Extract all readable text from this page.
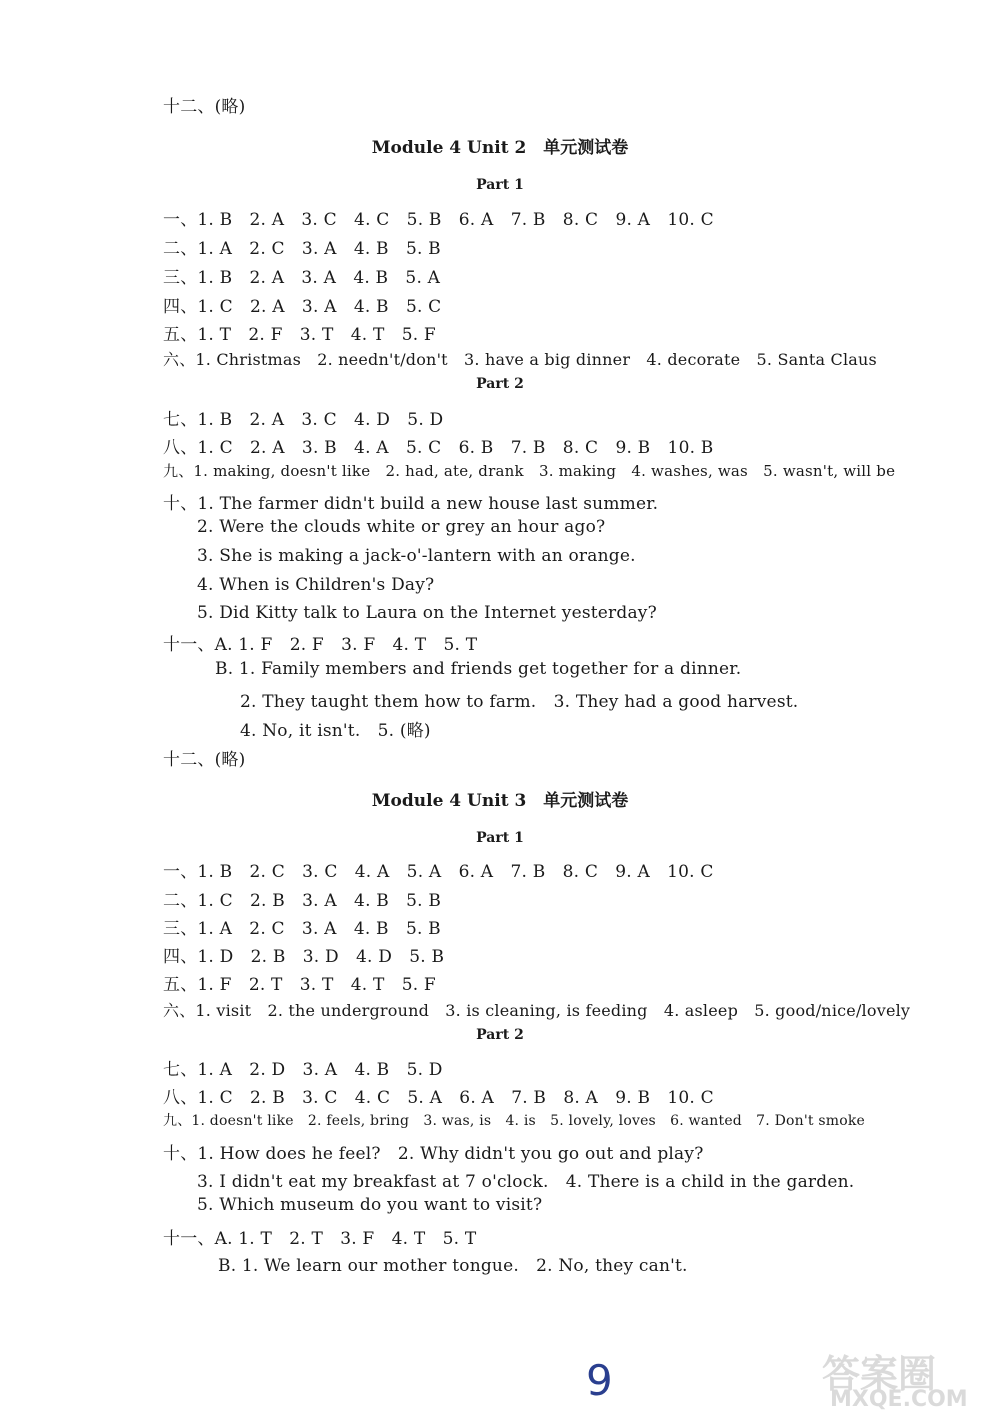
十二、(略)
Module 4 Unit 2　单元测试卷
Part 1
一、1. B　2. A　3. C　4. C　5. B　6. A　7. B　8. C　9. A　10. C
二、1. A　2. C　3. A　4. B　5. B
三、1. B　2. A　3. A　4. B　5. A
四、1. C　2. A　3. A　4. B　5. C
五、1. T　2. F　3. T　4. T　5. F
六、1. Christmas　2. needn't/don't　3. have a big dinner　4. decorate　5. Santa Claus
Part 2
七、1. B　2. A　3. C　4. D　5. D
八、1. C　2. A　3. B　4. A　5. C　6. B　7. B　8. C　9. B　10. B
九、1. making, doesn't like　2. had, ate, drank　3. making　4. washes, was　5. wasn't, will be
十、1. The farmer didn't build a new house last summer.
2. Were the clouds white or grey an hour ago?
3. She is making a jack-o'-lantern with an orange.
4. When is Children's Day?
5. Did Kitty talk to Laura on the Internet yesterday?
十一、A. 1. F　2. F　3. F　4. T　5. T
B. 1. Family members and friends get together for a dinner.
2. They taught them how to farm.　3. They had a good harvest.
4. No, it isn't.　5. (略)
十二、(略)
Module 4 Unit 3　单元测试卷
Part 1
一、1. B　2. C　3. C　4. A　5. A　6. A　7. B　8. C　9. A　10. C
二、1. C　2. B　3. A　4. B　5. B
三、1. A　2. C　3. A　4. B　5. B
四、1. D　2. B　3. D　4. D　5. B
五、1. F　2. T　3. T　4. T　5. F
六、1. visit　2. the underground　3. is cleaning, is feeding　4. asleep　5. good/nice/lovely
Part 2
七、1. A　2. D　3. A　4. B　5. D
八、1. C　2. B　3. C　4. C　5. A　6. A　7. B　8. A　9. B　10. C
九、1. doesn't like　2. feels, bring　3. was, is　4. is　5. lovely, loves　6. wanted　7. Don't smoke
十、1. How does he feel?　2. Why didn't you go out and play?
3. I didn't eat my breakfast at 7 o'clock.　4. There is a child in the garden.
5. Which museum do you want to visit?
十一、A. 1. T　2. T　3. F　4. T　5. T
B. 1. We learn our mother tongue.　2. No, they can't.
9	答案圈
MXQE.COM
